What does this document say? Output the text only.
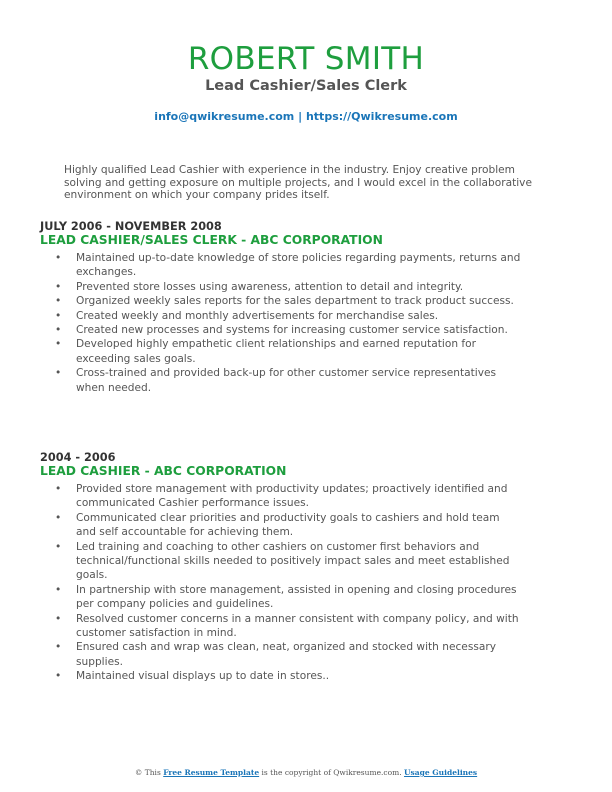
ROBERT SMITH
Lead Cashier/Sales Clerk
info@qwikresume.com | https://Qwikresume.com
Highly qualified Lead Cashier with experience in the industry. Enjoy creative problem solving and getting exposure on multiple projects, and I would excel in the collaborative environment on which your company prides itself.
JULY 2006 - NOVEMBER 2008
LEAD CASHIER/SALES CLERK - ABC CORPORATION
• Maintained up-to-date knowledge of store policies regarding payments, returns and exchanges.
• Prevented store losses using awareness, attention to detail and integrity.
• Organized weekly sales reports for the sales department to track product success.
• Created weekly and monthly advertisements for merchandise sales.
• Created new processes and systems for increasing customer service satisfaction.
• Developed highly empathetic client relationships and earned reputation for exceeding sales goals.
• Cross-trained and provided back-up for other customer service representatives when needed.
2004 - 2006
LEAD CASHIER - ABC CORPORATION
• Provided store management with productivity updates; proactively identified and communicated Cashier performance issues.
• Communicated clear priorities and productivity goals to cashiers and hold team and self accountable for achieving them.
• Led training and coaching to other cashiers on customer first behaviors and technical/functional skills needed to positively impact sales and meet established goals.
• In partnership with store management, assisted in opening and closing procedures per company policies and guidelines.
• Resolved customer concerns in a manner consistent with company policy, and with customer satisfaction in mind.
• Ensured cash and wrap was clean, neat, organized and stocked with necessary supplies.
• Maintained visual displays up to date in stores..
© This Free Resume Template is the copyright of Qwikresume.com. Usage Guidelines
